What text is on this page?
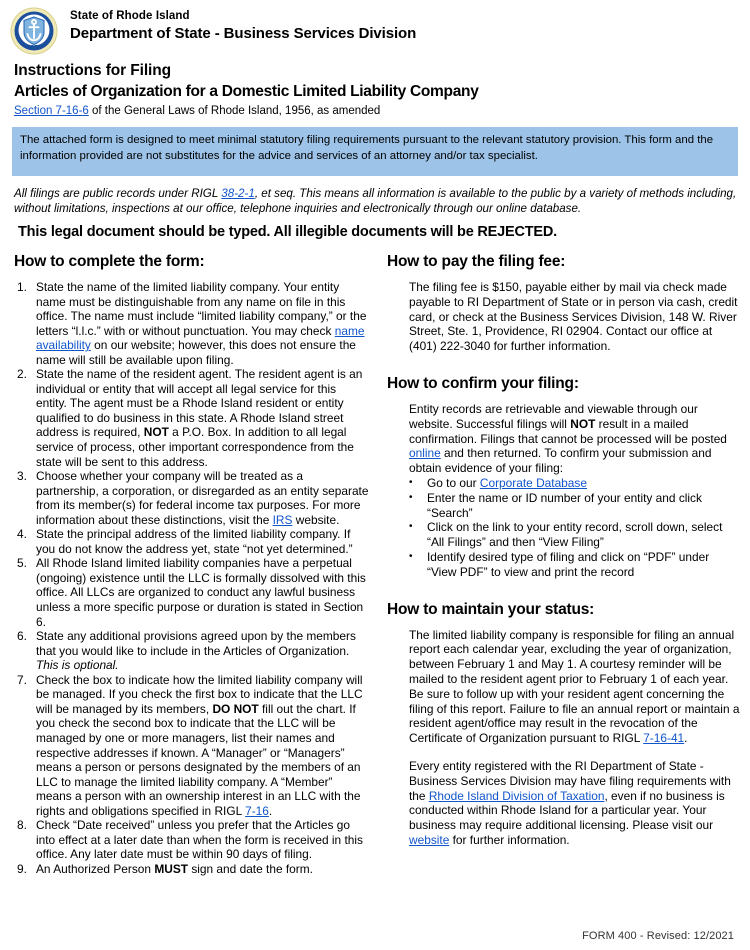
HOPE
State of Rhode Island
Department of State - Business Services Division
Instructions for Filing
Articles of Organization for a Domestic Limited Liability Company
Section 7-16-6 of the General Laws of Rhode Island, 1956, as amended

The attached form is designed to meet minimal statutory filing requirements pursuant to the relevant statutory provision. This form and the information provided are not substitutes for the advice and services of an attorney and/or tax specialist.

All filings are public records under RIGL 38-2-1, et seq. This means all information is available to the public by a variety of methods including, without limitations, inspections at our office, telephone inquiries and electronically through our online database.
This legal document should be typed. All illegible documents will be REJECTED.
How to complete the form:
1. State the name of the limited liability company. Your entity name must be distinguishable from any name on file in this office. The name must include “limited liability company,” or the letters “l.l.c.” with or without punctuation. You may check name availability on our website; however, this does not ensure the name will still be available upon filing.
2. State the name of the resident agent. The resident agent is an individual or entity that will accept all legal service for this entity. The agent must be a Rhode Island resident or entity qualified to do business in this state. A Rhode Island street address is required, NOT a P.O. Box. In addition to all legal service of process, other important correspondence from the state will be sent to this address.
3. Choose whether your company will be treated as a partnership, a corporation, or disregarded as an entity separate from its member(s) for federal income tax purposes. For more information about these distinctions, visit the IRS website.
4. State the principal address of the limited liability company. If you do not know the address yet, state “not yet determined.”
5. All Rhode Island limited liability companies have a perpetual (ongoing) existence until the LLC is formally dissolved with this office. All LLCs are organized to conduct any lawful business unless a more specific purpose or duration is stated in Section 6.
6. State any additional provisions agreed upon by the members that you would like to include in the Articles of Organization. This is optional.
7. Check the box to indicate how the limited liability company will be managed. If you check the first box to indicate that the LLC will be managed by its members, DO NOT fill out the chart. If you check the second box to indicate that the LLC will be managed by one or more managers, list their names and respective addresses if known. A “Manager” or “Managers” means a person or persons designated by the members of an LLC to manage the limited liability company. A “Member” means a person with an ownership interest in an LLC with the rights and obligations specified in RIGL 7-16.
8. Check “Date received” unless you prefer that the Articles go into effect at a later date than when the form is received in this office. Any later date must be within 90 days of filing.
9. An Authorized Person MUST sign and date the form.
How to pay the filing fee:

The filing fee is $150, payable either by mail via check made payable to RI Department of State or in person via cash, credit card, or check at the Business Services Division, 148 W. River Street, Ste. 1, Providence, RI 02904. Contact our office at (401) 222-3040 for further information.

How to confirm your filing:

Entity records are retrievable and viewable through our website. Successful filings will NOT result in a mailed confirmation. Filings that cannot be processed will be posted online and then returned. To confirm your submission and obtain evidence of your filing:

•	Go to our Corporate Database
•	Enter the name or ID number of your entity and click “Search”
•	Click on the link to your entity record, scroll down, select “All Filings” and then “View Filing”
•	Identify desired type of filing and click on “PDF” under “View PDF” to view and print the record
How to maintain your status:

The limited liability company is responsible for filing an annual report each calendar year, excluding the year of organization, between February 1 and May 1. A courtesy reminder will be mailed to the resident agent prior to February 1 of each year. Be sure to follow up with your resident agent concerning the filing of this report. Failure to file an annual report or maintain a resident agent/office may result in the revocation of the Certificate of Organization pursuant to RIGL 7-16-41.

Every entity registered with the RI Department of State - Business Services Division may have filing requirements with the Rhode Island Division of Taxation, even if no business is conducted within Rhode Island for a particular year. Your business may require additional licensing. Please visit our website for further information.

FORM 400 - Revised: 12/2021
